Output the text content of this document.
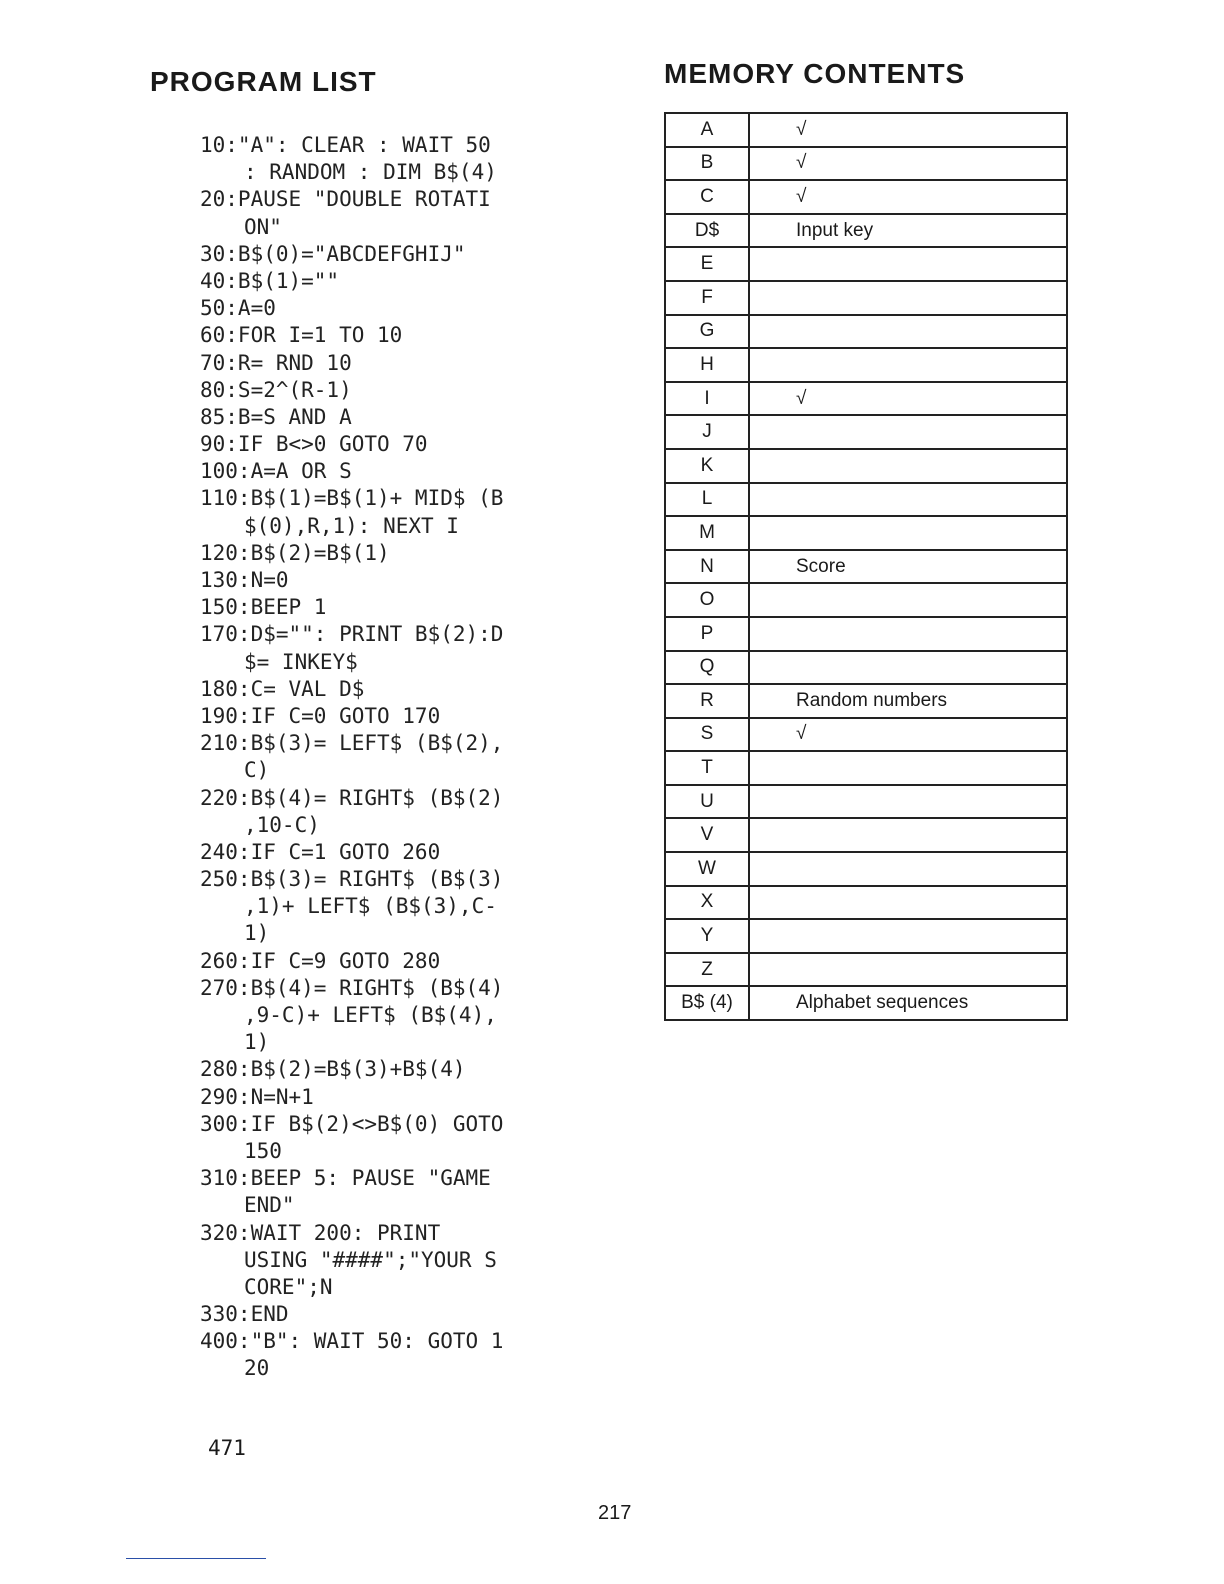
PROGRAM LIST	MEMORY CONTENTS
10:"A": CLEAR : WAIT 50
: RANDOM : DIM B$(4)
20:PAUSE "DOUBLE ROTATI
ON"
30:B$(0)="ABCDEFGHIJ"
40:B$(1)=""
50:A=0
60:FOR I=1 TO 10
70:R= RND 10
80:S=2^(R-1)
85:B=S AND A
90:IF B<>0 GOTO 70
100:A=A OR S
110:B$(1)=B$(1)+ MID$ (B
$(0),R,1): NEXT I
120:B$(2)=B$(1)
130:N=0
150:BEEP 1
170:D$="": PRINT B$(2):D
$= INKEY$
180:C= VAL D$
190:IF C=0 GOTO 170
210:B$(3)= LEFT$ (B$(2),
C)
220:B$(4)= RIGHT$ (B$(2)
,10-C)
240:IF C=1 GOTO 260
250:B$(3)= RIGHT$ (B$(3)
,1)+ LEFT$ (B$(3),C-
1)
260:IF C=9 GOTO 280
270:B$(4)= RIGHT$ (B$(4)
,9-C)+ LEFT$ (B$(4),
1)
280:B$(2)=B$(3)+B$(4)
290:N=N+1
300:IF B$(2)<>B$(0) GOTO
150
310:BEEP 5: PAUSE "GAME
END"
320:WAIT 200: PRINT
USING "####";"YOUR S
CORE";N
330:END
400:"B": WAIT 50: GOTO 1
20
471
A	√
B	√
C	√
D$	Input key
E	
F	
G	
H	
I	√
J	
K	
L	
M	
N	Score
O	
P	
Q	
R	Random numbers
S	√
T	
U	
V	
W	
X	
Y	
Z	
B$ (4)	Alphabet sequences
217
